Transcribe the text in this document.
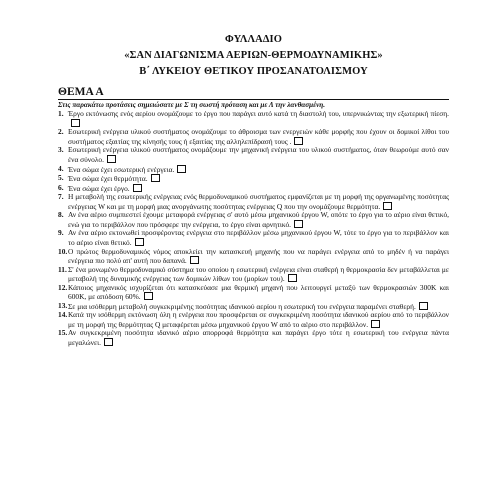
ΦΥΛΛΑΔΙΟ
«ΣΑΝ ΔΙΑΓΩΝΙΣΜΑ ΑΕΡΙΩΝ-ΘΕΡΜΟΔΥΝΑΜΙΚΗΣ»
Β΄ ΛΥΚΕΙΟΥ ΘΕΤΙΚΟΥ ΠΡΟΣΑΝΑΤΟΛΙΣΜΟΥ
ΘΕΜΑ Α
Στις παρακάτω προτάσεις σημειώσατε με Σ τη σωστή πρόταση και με Λ την λανθασμένη.
1. Έργο εκτόνωσης ενός αερίου ονομάζουμε το έργο που παράγει αυτό κατά τη διαστολή του, υπερνικώντας την εξωτερική πίεση.
2. Εσωτερική ενέργεια υλικού συστήματος ονομάζουμε το άθροισμα των ενεργειών κάθε μορφής που έχουν οι δομικοί λίθοι του συστήματος εξαιτίας της κίνησής τους ή εξαιτίας της αλληλεπίδρασή τους .
3. Εσωτερική ενέργεια υλικού συστήματος ονομάζουμε την μηχανική ενέργεια του υλικού συστήματος, όταν θεωρούμε αυτό σαν ένα σύνολο.
4. Ένα σώμα έχει εσωτερική ενέργεια.
5. Ένα σώμα έχει θερμότητα.
6. Ένα σώμα έχει έργο.
7. Η μεταβολή της εσωτερικής ενέργειας ενός θερμοδυναμικού συστήματος εμφανίζεται με τη μορφή της οργανωμένης ποσότητας ενέργειας W και με τη μορφή μιας ανοργάνωτης ποσότητας ενέργειας Q που την ονομάζουμε θερμότητα.
8. Αν ένα αέριο συμπιεστεί έχουμε μεταφορά ενέργειας σ' αυτό μέσω μηχανικού έργου W, οπότε το έργο για το αέριο είναι θετικό, ενώ για το περιβάλλον που πρόσφερε την ενέργεια, το έργο είναι αρνητικό.
9. Αν ένα αέριο εκτονωθεί προσφέροντας ενέργεια στο περιβάλλον μέσω μηχανικού έργου W, τότε το έργο για το περιβάλλον και το αέριο είναι θετικό.
10. Ο πρώτος θερμοδυναμικός νόμος αποκλείει την κατασκευή μηχανής που να παράγει ενέργεια από το μηδέν ή να παράγει ενέργεια πιο πολύ απ' αυτή που δαπανά.
11. Σ' ένα μονωμένο θερμοδυναμικό σύστημα του οποίου η εσωτερική ενέργεια είναι σταθερή η θερμοκρασία δεν μεταβάλλεται με μεταβολή της δυναμικής ενέργειας των δομικών λίθων του (μορίων του).
12. Κάποιος μηχανικός ισχυρίζεται ότι κατασκεύασε μια θερμική μηχανή που λειτουργεί μεταξύ των θερμοκρασιών 300Κ και 600Κ, με απόδοση 60%.
13. Σε μια ισόθερμη μεταβολή συγκεκριμένης ποσότητας ιδανικού αερίου η εσωτερική του ενέργεια παραμένει σταθερή.
14. Κατά την ισόθερμη εκτόνωση όλη η ενέργεια που προσφέρεται σε συγκεκριμένη ποσότητα ιδανικού αερίου από το περιβάλλον με τη μορφή της θερμότητας Q μεταφέρεται μέσω μηχανικού έργου W από το αέριο στο περιβάλλον.
15. Αν συγκεκριμένη ποσότητα ιδανικό αέριο απορροφά θερμότητα και παράγει έργο τότε η εσωτερική του ενέργεια πάντα μεγαλώνει.
